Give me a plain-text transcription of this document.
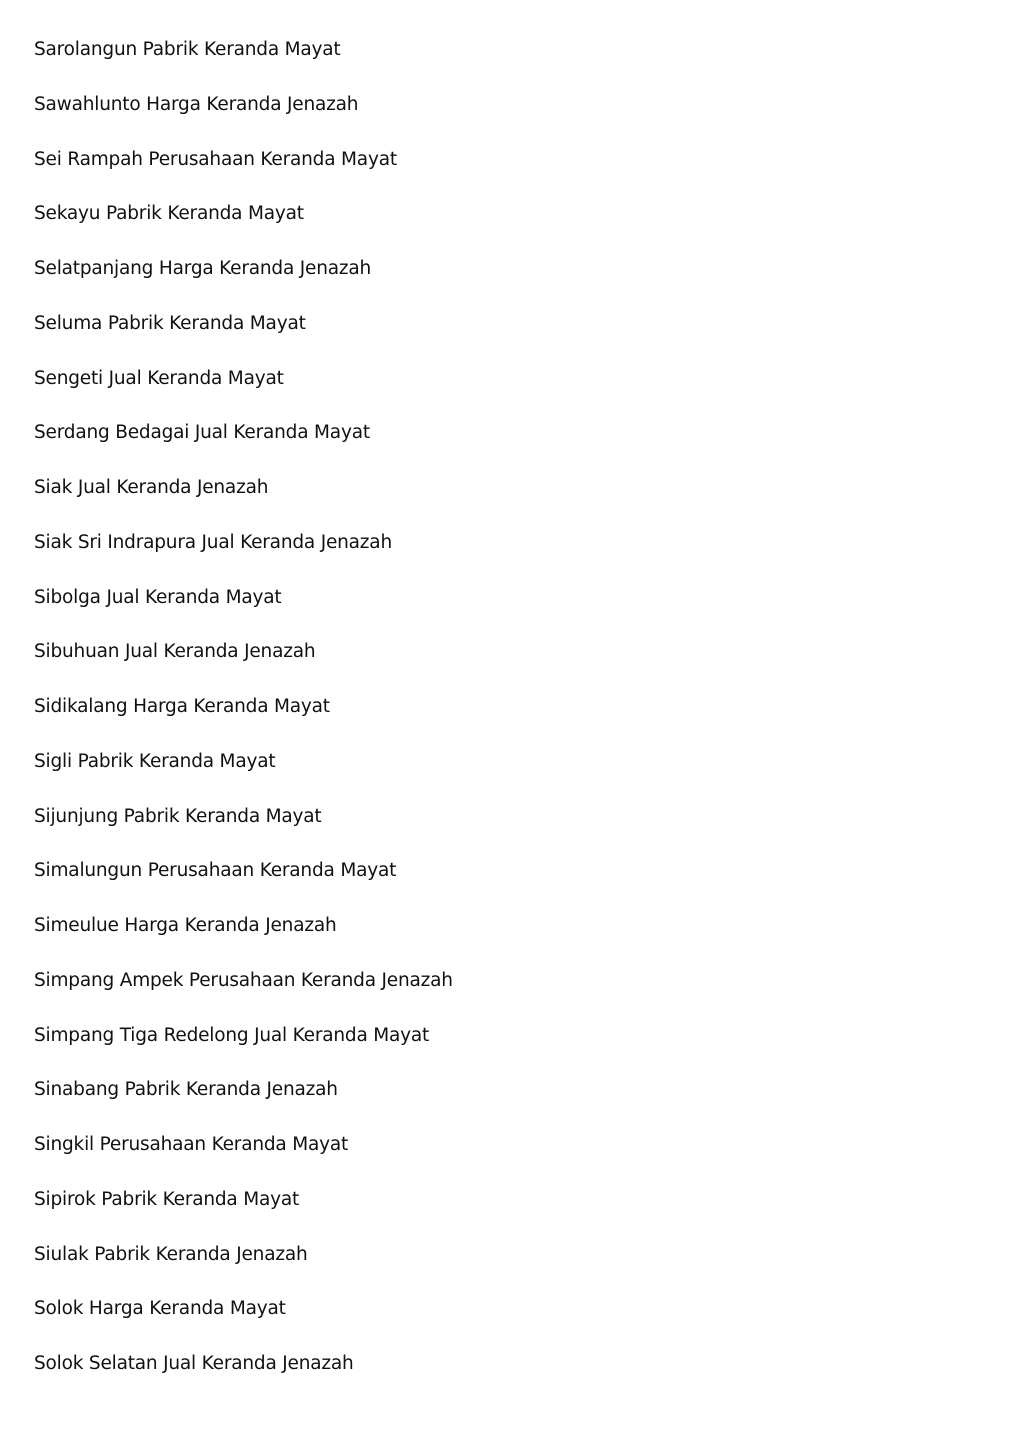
Sarolangun Pabrik Keranda Mayat
Sawahlunto Harga Keranda Jenazah
Sei Rampah Perusahaan Keranda Mayat
Sekayu Pabrik Keranda Mayat
Selatpanjang Harga Keranda Jenazah
Seluma Pabrik Keranda Mayat
Sengeti Jual Keranda Mayat
Serdang Bedagai Jual Keranda Mayat
Siak Jual Keranda Jenazah
Siak Sri Indrapura Jual Keranda Jenazah
Sibolga Jual Keranda Mayat
Sibuhuan Jual Keranda Jenazah
Sidikalang Harga Keranda Mayat
Sigli Pabrik Keranda Mayat
Sijunjung Pabrik Keranda Mayat
Simalungun Perusahaan Keranda Mayat
Simeulue Harga Keranda Jenazah
Simpang Ampek Perusahaan Keranda Jenazah
Simpang Tiga Redelong Jual Keranda Mayat
Sinabang Pabrik Keranda Jenazah
Singkil Perusahaan Keranda Mayat
Sipirok Pabrik Keranda Mayat
Siulak Pabrik Keranda Jenazah
Solok Harga Keranda Mayat
Solok Selatan Jual Keranda Jenazah
